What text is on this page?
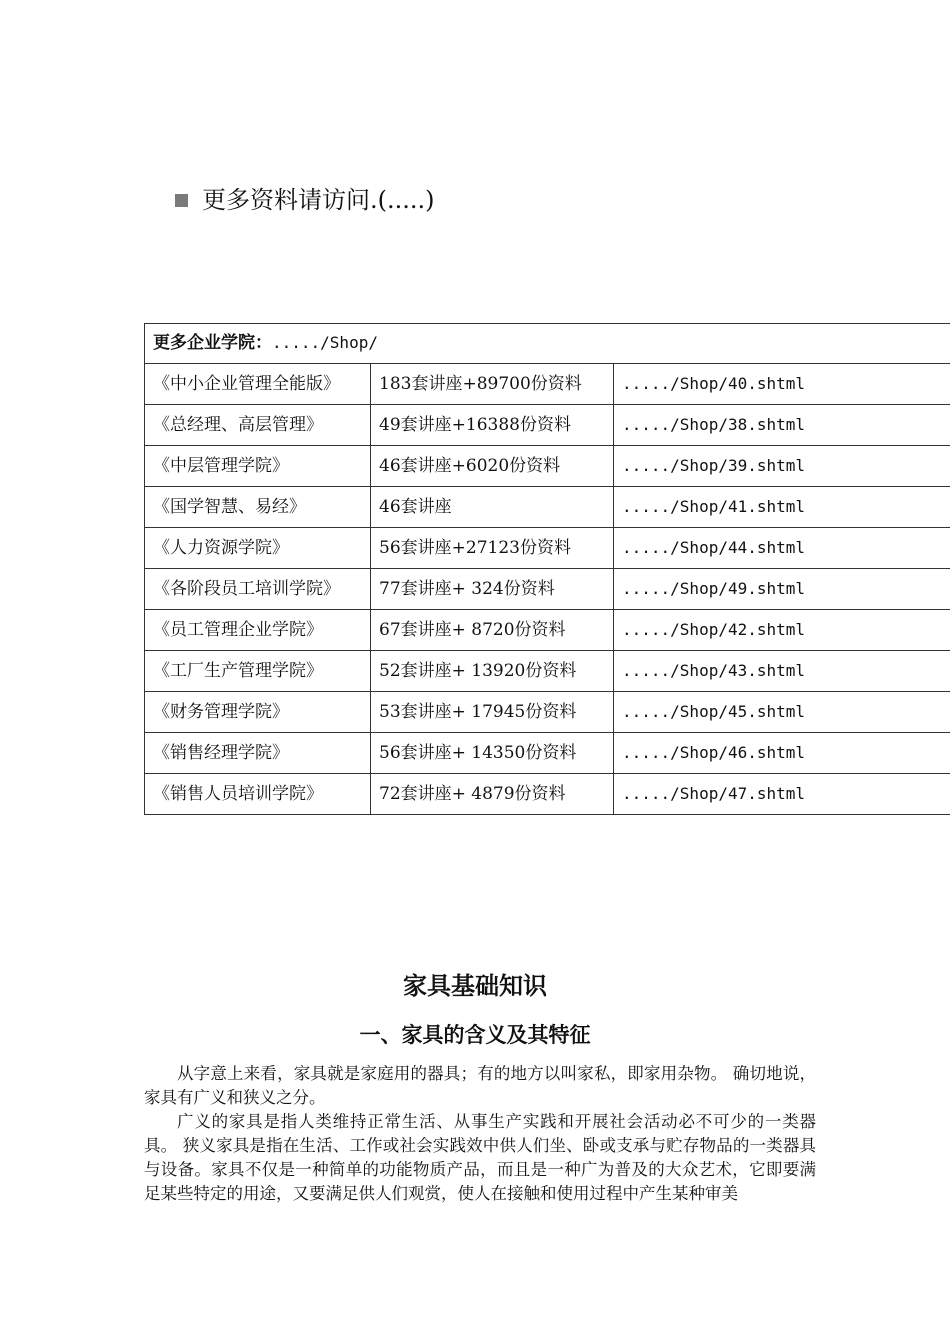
更多资料请访问.(.....)
更多企业学院：...../Shop/		
《中小企业管理全能版》	183套讲座+89700份资料	...../Shop/40.shtml
《总经理、高层管理》	49套讲座+16388份资料	...../Shop/38.shtml
《中层管理学院》	46套讲座+6020份资料	...../Shop/39.shtml
《国学智慧、易经》	46套讲座	...../Shop/41.shtml
《人力资源学院》	56套讲座+27123份资料	...../Shop/44.shtml
《各阶段员工培训学院》	77套讲座+ 324份资料	...../Shop/49.shtml
《员工管理企业学院》	67套讲座+ 8720份资料	...../Shop/42.shtml
《工厂生产管理学院》	52套讲座+ 13920份资料	...../Shop/43.shtml
《财务管理学院》	53套讲座+ 17945份资料	...../Shop/45.shtml
《销售经理学院》	56套讲座+ 14350份资料	...../Shop/46.shtml
《销售人员培训学院》	72套讲座+ 4879份资料	...../Shop/47.shtml
家具基础知识
一、家具的含义及其特征

从字意上来看，家具就是家庭用的器具；有的地方以叫家私，即家用杂物。 确切地说，家具有广义和狭义之分。

广义的家具是指人类维持正常生活、从事生产实践和开展社会活动必不可少的一类器具。 狭义家具是指在生活、工作或社会实践效中供人们坐、卧或支承与贮存物品的一类器具与设备。家具不仅是一种简单的功能物质产品，而且是一种广为普及的大众艺术，它即要满足某些特定的用途，又要满足供人们观赏，使人在接触和使用过程中产生某种审美
